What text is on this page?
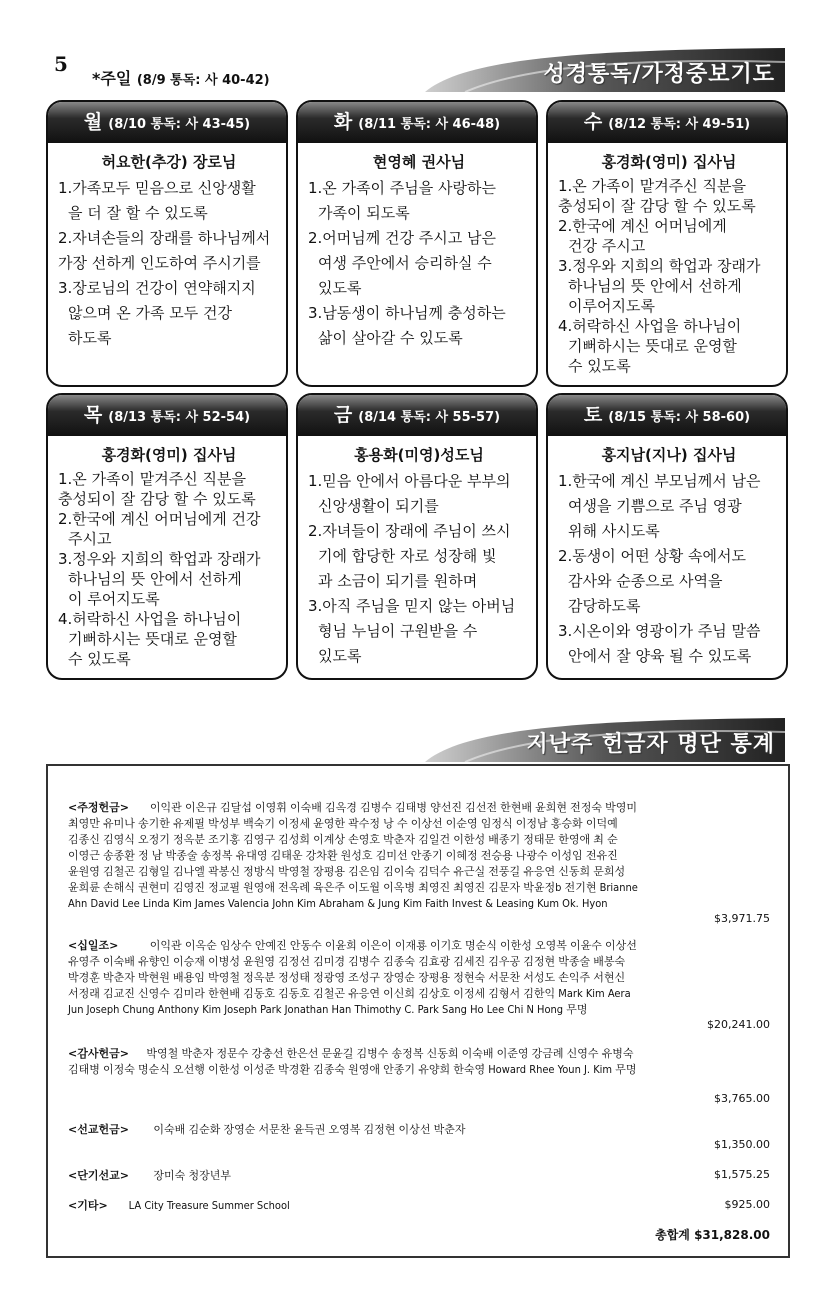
5
*주일 (8/9 통독: 사 40-42)	성경통독/가정중보기도
월 (8/10 통독: 사 43-45)
허요한(추강) 장로님
1.가족모두 믿음으로 신앙생활
을 더 잘 할 수 있도록
2.자녀손들의 장래를 하나님께서
가장 선하게 인도하여 주시기를
3.장로님의 건강이 연약해지지
않으며 온 가족 모두 건강
하도록
화 (8/11 통독: 사 46-48)
현영혜 권사님
1.온 가족이 주님을 사랑하는
가족이 되도록
2.어머님께 건강 주시고 남은
여생 주안에서 승리하실 수
있도록
3.남동생이 하나님께 충성하는
삶이 살아갈 수 있도록
수 (8/12 통독: 사 49-51)
홍경화(영미) 집사님
1.온 가족이 맡겨주신 직분을
충성되이 잘 감당 할 수 있도록
2.한국에 계신 어머님에게
건강 주시고
3.정우와 지희의 학업과 장래가
하나님의 뜻 안에서 선하게
이루어지도록
4.허락하신 사업을 하나님이
기뻐하시는 뜻대로 운영할
수 있도록
목 (8/13 통독: 사 52-54)
홍경화(영미) 집사님
1.온 가족이 맡겨주신 직분을
충성되이 잘 감당 할 수 있도록
2.한국에 계신 어머님에게 건강
주시고
3.정우와 지희의 학업과 장래가
하나님의 뜻 안에서 선하게
이 루어지도록
4.허락하신 사업을 하나님이
기뻐하시는 뜻대로 운영할
수 있도록
금 (8/14 통독: 사 55-57)
홍용화(미영)성도님
1.믿음 안에서 아름다운 부부의
신앙생활이 되기를
2.자녀들이 장래에 주님이 쓰시
기에 합당한 자로 성장해 빛
과 소금이 되기를 원하며
3.아직 주님을 믿지 않는 아버님
형님 누님이 구원받을 수
있도록
토 (8/15 통독: 사 58-60)
홍지남(지나) 집사님
1.한국에 계신 부모님께서 남은
여생을 기쁨으로 주님 영광
위해 사시도록
2.동생이 어떤 상황 속에서도
감사와 순종으로 사역을
감당하도록
3.시온이와 영광이가 주님 말씀
안에서 잘 양육 될 수 있도록
지난주 헌금자 명단 통계
<주정헌금> 이익관 이은규 김달섭 이영휘 이숙배 김옥경 김병수 김태병 양선진 김선전 한현배 윤희현 전정숙 박영미
최영만 유미나 송기한 유제필 박성부 백숙기 이정세 윤영한 곽수정 낭 수 이상선 이순영 임정식 이정남 홍승화 이덕예
김종신 김영식 오정기 정옥분 조기홍 김영구 김성희 이계상 손영호 박춘자 김일건 이한성 배종기 정태문 한영애 최 순
이영근 송종환 정 남 박종술 송정복 유대영 김태운 강차환 원성호 김미선 안종기 이혜정 전승용 나광수 이성임 전유진
윤원영 김철곤 김형일 김나엘 곽봉신 정방식 박영철 장평용 김은임 김이숙 김덕수 유근실 전풍길 유응연 신동희 문희성
윤희륜 손해식 권현미 김영진 정교필 원영애 전옥례 육은주 이도월 이옥병 최영진 최영진 김문자 박윤정b 전기현 Brianne
Ahn David Lee Linda Kim James Valencia John Kim Abraham & Jung Kim Faith Invest & Leasing Kum Ok. Hyon
$3,971.75
<십일조>	이익관 이옥순 임상수 안예진 안동수 이윤희 이은이 이재룡 이기호 명순식 이한성 오영복 이윤수 이상선
유영주 이숙배 유향인 이승재 이병성 윤원영 김정선 김미경 김병수 김종숙 김효광 김세진 김우공 김정현 박종술 배봉숙
박경훈 박춘자 박현원 배용임 박영철 정옥분 정성태 정광영 조성구 장영순 장평용 정현숙 서문찬 서성도 손익주 서현신
서정래 김교진 신영수 김미라 한현배 김동호 김동호 김철곤 유응연 이신희 김상호 이정세 김형서 김한익 Mark Kim Aera
Jun Joseph Chung Anthony Kim Joseph Park Jonathan Han Thimothy C. Park Sang Ho Lee Chi N Hong 무명
$20,241.00
<감사헌금> 박영철 박춘자 정문수 강충선 한은선 문윤길 김병수 송정복 신동희 이숙배 이준영 강금례 신영수 유병숙
김태병 이정숙 명순식 오선행 이한성 이성준 박경환 김종숙 원영애 안종기 유양희 한숙영 Howard Rhee Youn J. Kim 무명
$3,765.00
<선교헌금> 이숙배 김순화 장영순 서문찬 윤득권 오영복 김정현 이상선 박춘자
$1,350.00
<단기선교> 장미숙 청장년부	$1,575.25
<기타> LA City Treasure Summer School	$925.00
총합계 $31,828.00
